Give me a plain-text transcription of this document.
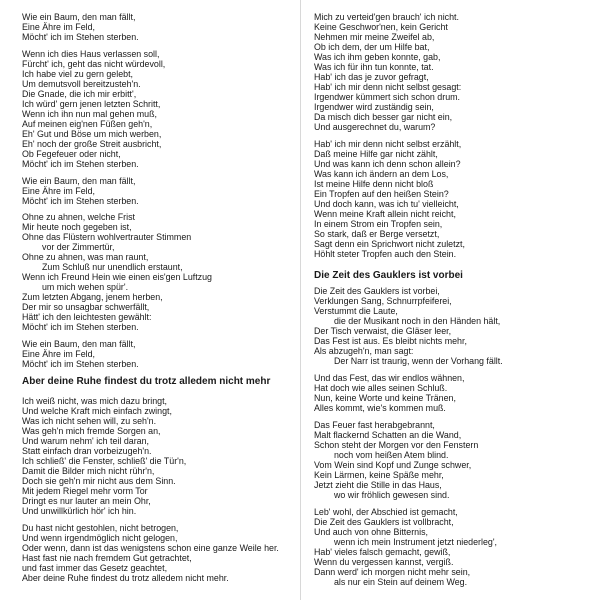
Wie ein Baum, den man fällt,
Eine Ähre im Feld,
Möcht' ich im Stehen sterben.
Wenn ich dies Haus verlassen soll,
Fürcht' ich, geht das nicht würdevoll,
Ich habe viel zu gern gelebt,
Um demutsvoll bereitzusteh'n.
Die Gnade, die ich mir erbitt',
Ich würd' gern jenen letzten Schritt,
Wenn ich ihn nun mal gehen muß,
Auf meinen eig'nen Füßen geh'n,
Eh' Gut und Böse um mich werben,
Eh' noch der große Streit ausbricht,
Ob Fegefeuer oder nicht,
Möcht' ich im Stehen sterben.
Wie ein Baum, den man fällt,
Eine Ähre im Feld,
Möcht' ich im Stehen sterben.
Ohne zu ahnen, welche Frist
Mir heute noch gegeben ist,
Ohne das Flüstern wohlvertrauter Stimmen
vor der Zimmertür,
Ohne zu ahnen, was man raunt,
Zum Schluß nur unendlich erstaunt,
Wenn ich Freund Hein wie einen eis'gen Luftzug
um mich wehen spür'.
Zum letzten Abgang, jenem herben,
Der mir so unsagbar schwerfällt,
Hätt' ich den leichtesten gewählt:
Möcht' ich im Stehen sterben.
Wie ein Baum, den man fällt,
Eine Ähre im Feld,
Möcht' ich im Stehen sterben.
Aber deine Ruhe findest du trotz alledem nicht mehr
Ich weiß nicht, was mich dazu bringt,
Und welche Kraft mich einfach zwingt,
Was ich nicht sehen will, zu seh'n.
Was geh'n mich fremde Sorgen an,
Und warum nehm' ich teil daran,
Statt einfach dran vorbeizugeh'n.
Ich schließ' die Fenster, schließ' die Tür'n,
Damit die Bilder mich nicht rühr'n,
Doch sie geh'n mir nicht aus dem Sinn.
Mit jedem Riegel mehr vorm Tor
Dringt es nur lauter an mein Ohr,
Und unwillkürlich hör' ich hin.
Du hast nicht gestohlen, nicht betrogen,
Und wenn irgendmöglich nicht gelogen,
Oder wenn, dann ist das wenigstens schon eine ganze Weile her.
Hast fast nie nach fremdem Gut getrachtet,
und fast immer das Gesetz geachtet,
Aber deine Ruhe findest du trotz alledem nicht mehr.
Mich zu verteid'gen brauch' ich nicht.
Keine Geschwor'nen, kein Gericht
Nehmen mir meine Zweifel ab,
Ob ich dem, der um Hilfe bat,
Was ich ihm geben konnte, gab,
Was ich für ihn tun konnte, tat.
Hab' ich das je zuvor gefragt,
Hab' ich mir denn nicht selbst gesagt:
Irgendwer kümmert sich schon drum.
Irgendwer wird zuständig sein,
Da misch dich besser gar nicht ein,
Und ausgerechnet du, warum?
Hab' ich mir denn nicht selbst erzählt,
Daß meine Hilfe gar nicht zählt,
Und was kann ich denn schon allein?
Was kann ich ändern an dem Los,
Ist meine Hilfe denn nicht bloß
Ein Tropfen auf den heißen Stein?
Und doch kann, was ich tu' vielleicht,
Wenn meine Kraft allein nicht reicht,
In einem Strom ein Tropfen sein,
So stark, daß er Berge versetzt,
Sagt denn ein Sprichwort nicht zuletzt,
Höhlt steter Tropfen auch den Stein.
Die Zeit des Gauklers ist vorbei
Die Zeit des Gauklers ist vorbei,
Verklungen Sang, Schnurrpfeiferei,
Verstummt die Laute,
die der Musikant noch in den Händen hält,
Der Tisch verwaist, die Gläser leer,
Das Fest ist aus. Es bleibt nichts mehr,
Als abzugeh'n, man sagt:
Der Narr ist traurig, wenn der Vorhang fällt.
Und das Fest, das wir endlos wähnen,
Hat doch wie alles seinen Schluß.
Nun, keine Worte und keine Tränen,
Alles kommt, wie's kommen muß.
Das Feuer fast herabgebrannt,
Malt flackernd Schatten an die Wand,
Schon steht der Morgen vor den Fenstern
noch vom heißen Atem blind.
Vom Wein sind Kopf und Zunge schwer,
Kein Lärmen, keine Späße mehr,
Jetzt zieht die Stille in das Haus,
wo wir fröhlich gewesen sind.
Leb' wohl, der Abschied ist gemacht,
Die Zeit des Gauklers ist vollbracht,
Und auch von ohne Bitternis,
wenn ich mein Instrument jetzt niederleg',
Hab' vieles falsch gemacht, gewiß,
Wenn du vergessen kannst, vergiß.
Dann werd' ich morgen nicht mehr sein,
als nur ein Stein auf deinem Weg.
